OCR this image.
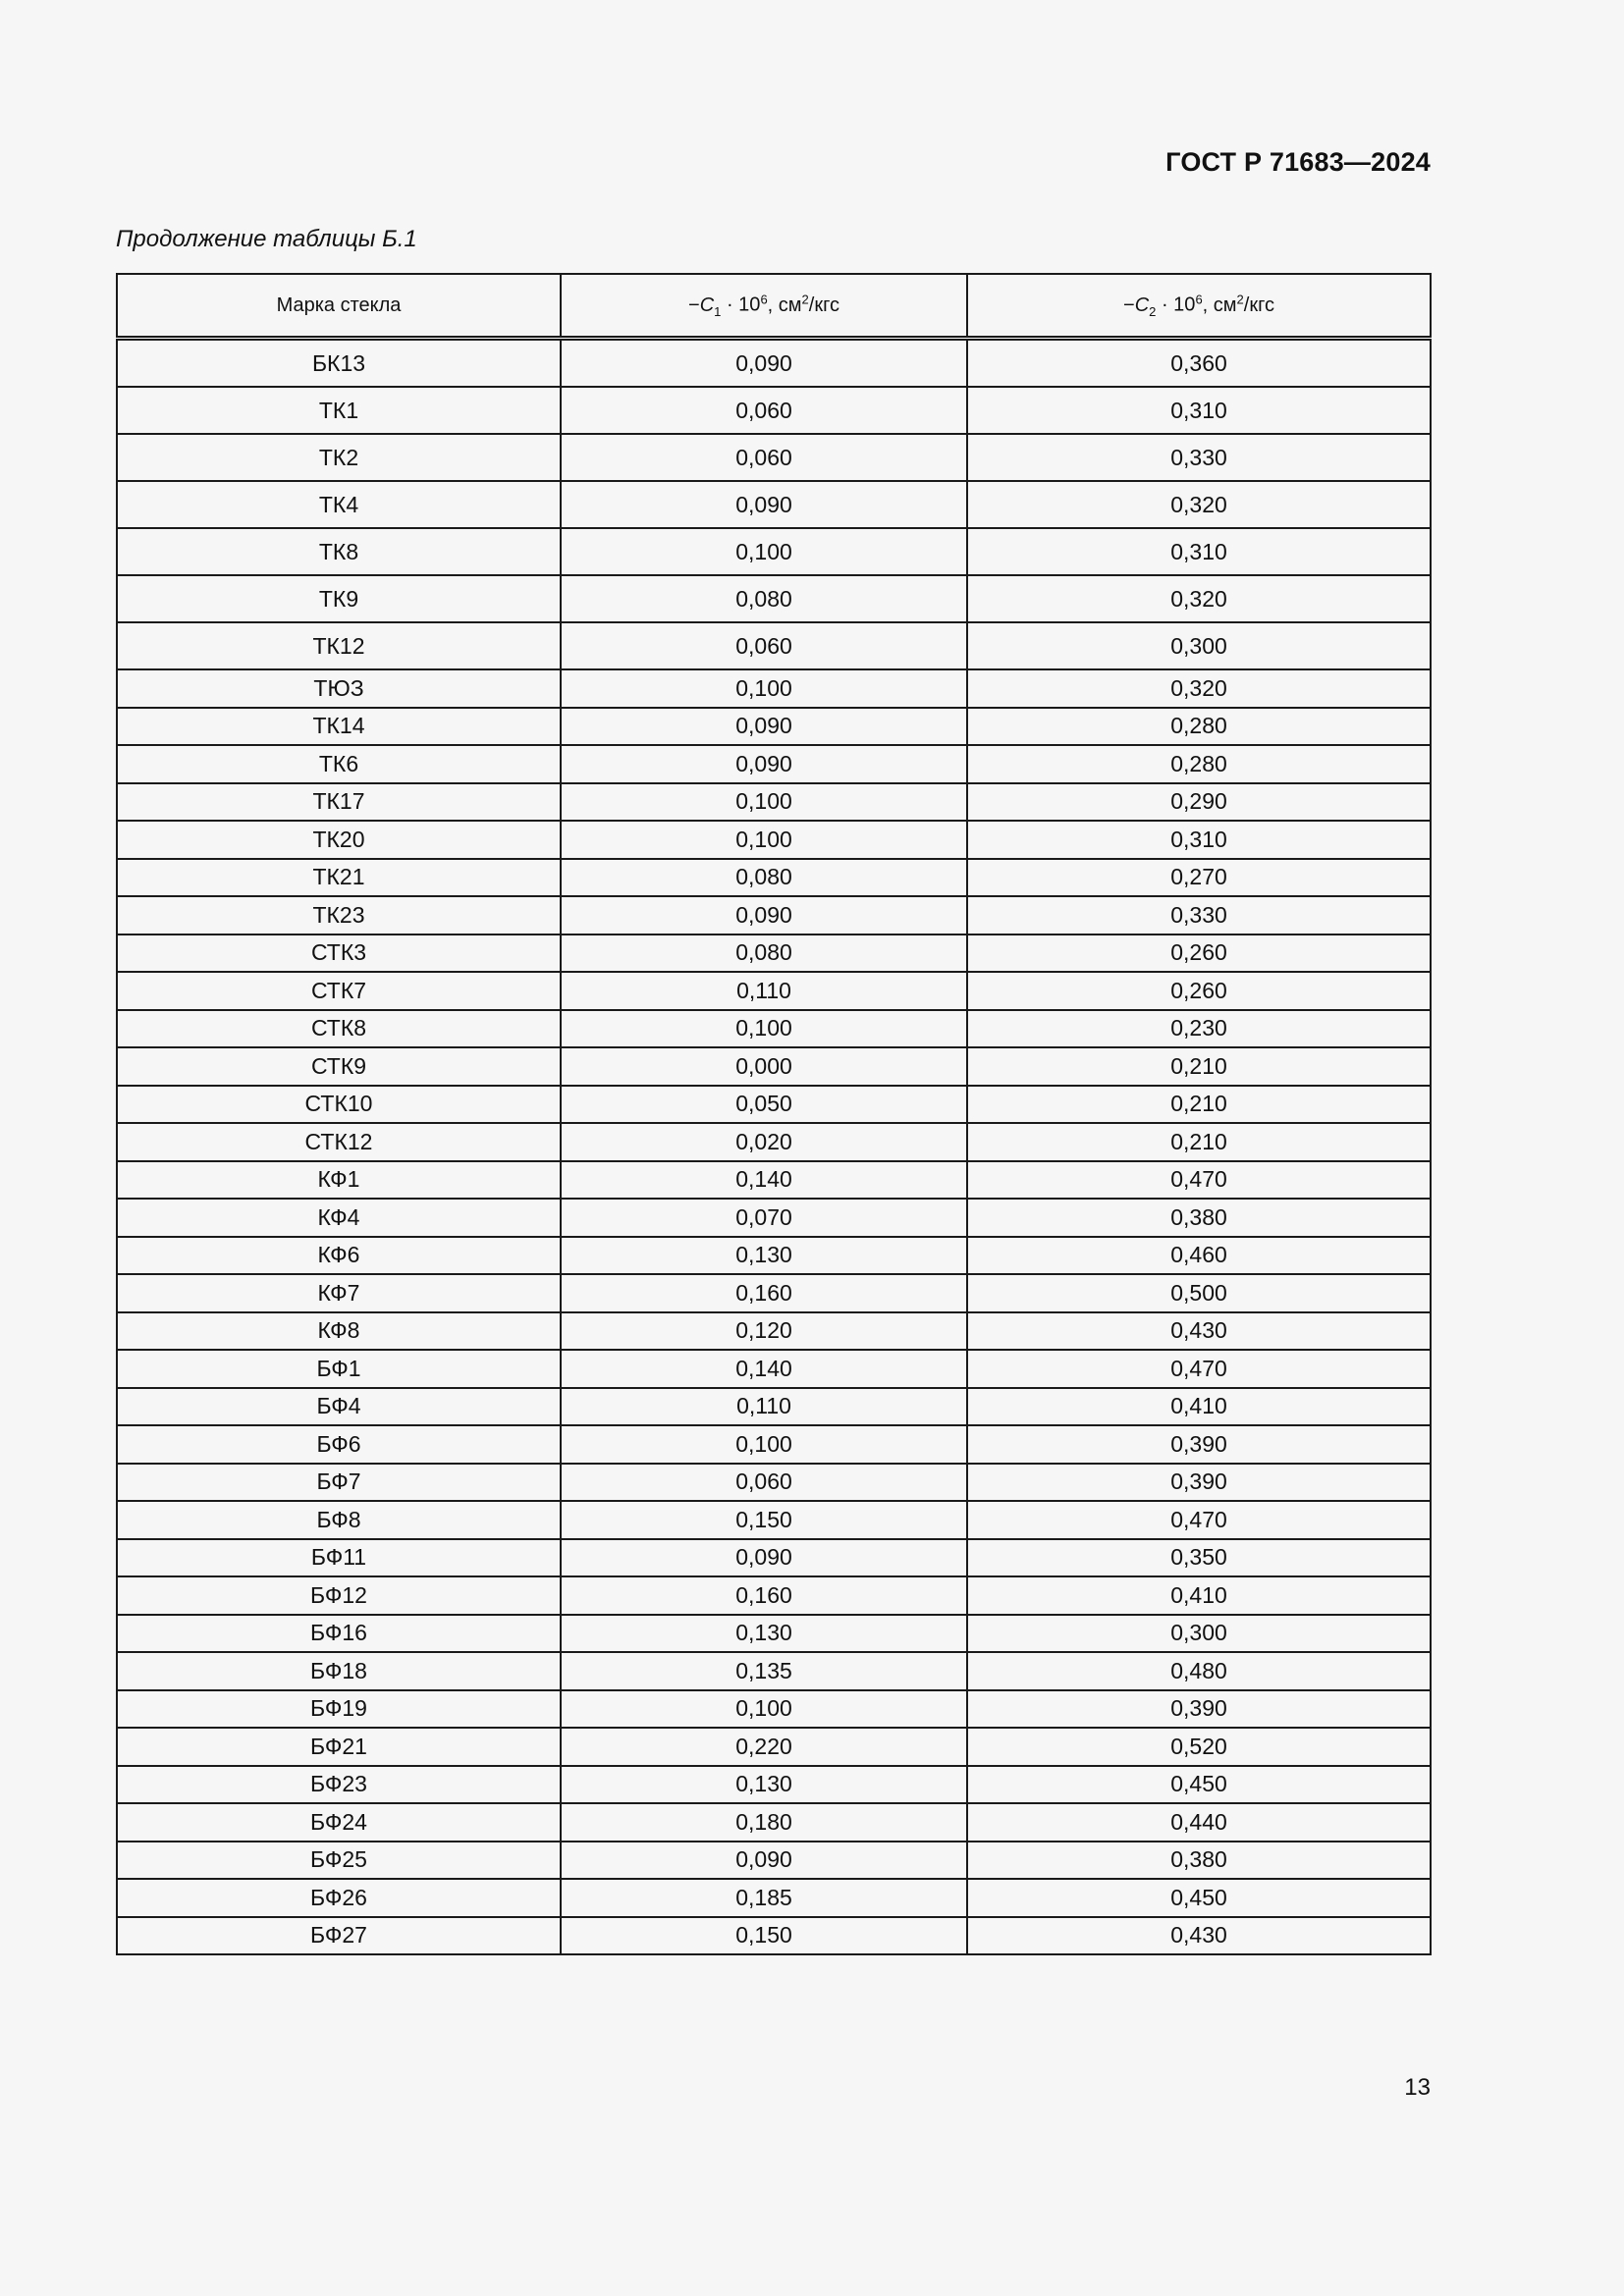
ГОСТ Р 71683—2024
Продолжение таблицы Б.1
Марка стекла	$-C_1 \cdot 10^6$, $см^2$/кгс	$-C_2 \cdot 10^6$, $см^2$/кгс
БК13	0,090	0,360
ТК1	0,060	0,310
ТК2	0,060	0,330
ТК4	0,090	0,320
ТК8	0,100	0,310
ТК9	0,080	0,320
ТК12	0,060	0,300
ТЮЗ	0,100	0,320
ТК14	0,090	0,280
ТК6	0,090	0,280
ТК17	0,100	0,290
ТК20	0,100	0,310
ТК21	0,080	0,270
ТК23	0,090	0,330
СТК3	0,080	0,260
СТК7	0,110	0,260
СТК8	0,100	0,230
СТК9	0,000	0,210
СТК10	0,050	0,210
СТК12	0,020	0,210
КФ1	0,140	0,470
КФ4	0,070	0,380
КФ6	0,130	0,460
КФ7	0,160	0,500
КФ8	0,120	0,430
БФ1	0,140	0,470
БФ4	0,110	0,410
БФ6	0,100	0,390
БФ7	0,060	0,390
БФ8	0,150	0,470
БФ11	0,090	0,350
БФ12	0,160	0,410
БФ16	0,130	0,300
БФ18	0,135	0,480
БФ19	0,100	0,390
БФ21	0,220	0,520
БФ23	0,130	0,450
БФ24	0,180	0,440
БФ25	0,090	0,380
БФ26	0,185	0,450
БФ27	0,150	0,430
13
